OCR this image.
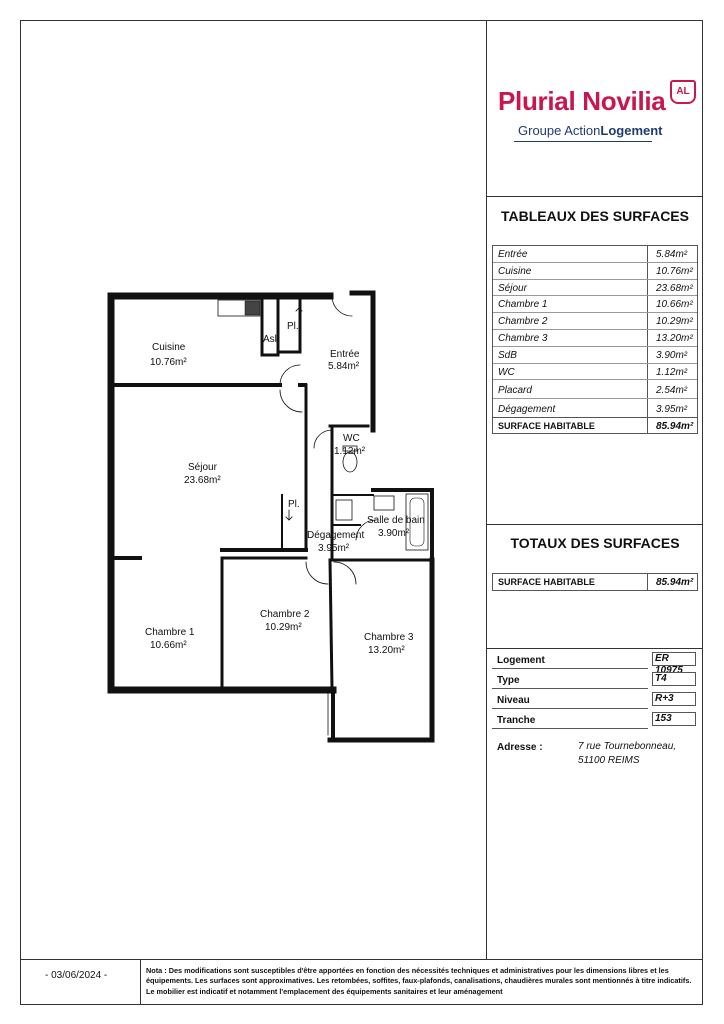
Plurial Novilia	AL
Groupe ActionLogement
TABLEAUX DES SURFACES
Entrée	5.84m²
Cuisine	10.76m²
Séjour	23.68m²
Chambre 1	10.66m²
Chambre 2	10.29m²
Chambre 3	13.20m²
SdB	3.90m²
WC	1.12m²
Placard	2.54m²
Dégagement	3.95m²
SURFACE HABITABLE	85.94m²
TOTAUX DES SURFACES
SURFACE HABITABLE	85.94m²
Logement	ER 10975
Type	T4
Niveau	R+3
Tranche	153
Adresse :	7 rue Tournebonneau,
51100 REIMS
- 03/06/2024 -	Nota : Des modifications sont susceptibles d'être apportées en fonction des nécessités techniques et administratives pour les dimensions libres et les équipements. Les surfaces sont approximatives. Les retombées, soffites, faux-plafonds, canalisations, chaudières murales sont mentionnés à titre indicatifs. Le mobilier est indicatif et notamment l'emplacement des équipements sanitaires et leur aménagement
Cuisine
10.76m²
Entrée
5.84m²
Séjour
23.68m²
WC
1.12m²
Salle de bain
3.90m²
Dégagement
3.95m²
Chambre 1
10.66m²
Chambre 2
10.29m²
Chambre 3
13.20m²
Pl.
Pl.
Asl.
